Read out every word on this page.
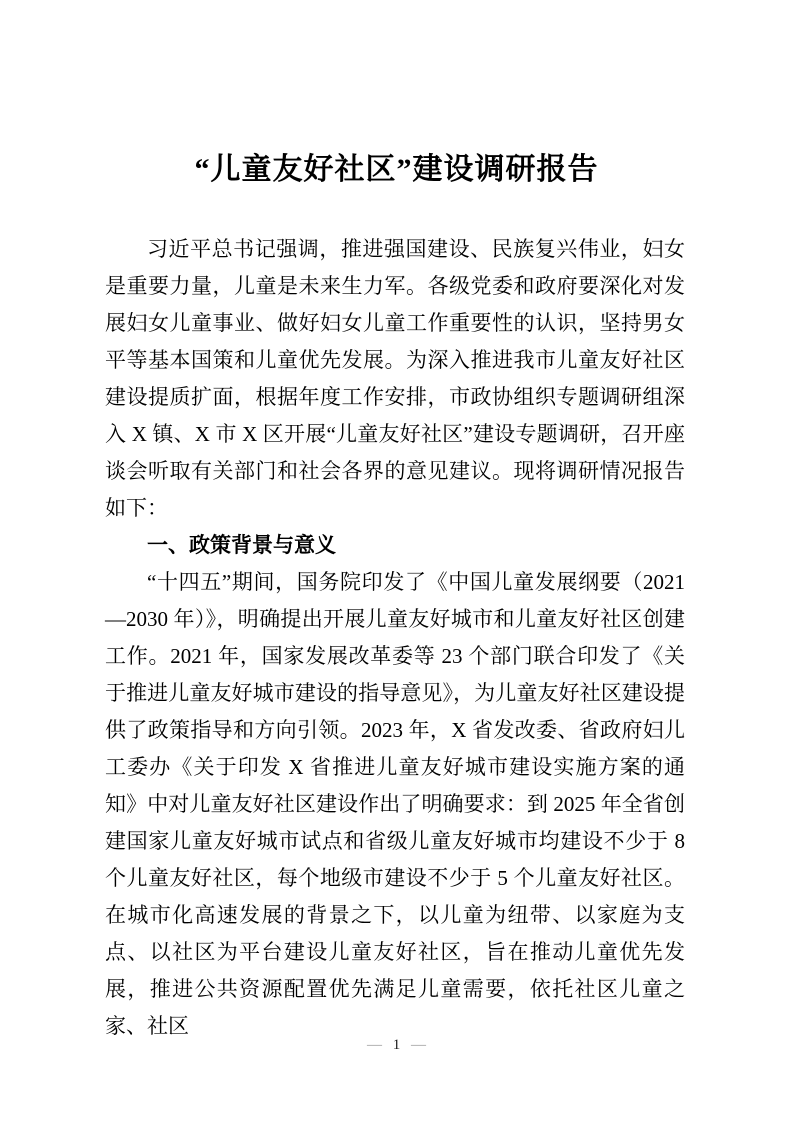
“儿童友好社区”建设调研报告

习近平总书记强调，推进强国建设、民族复兴伟业，妇女是重要力量，儿童是未来生力军。各级党委和政府要深化对发展妇女儿童事业、做好妇女儿童工作重要性的认识，坚持男女平等基本国策和儿童优先发展。为深入推进我市儿童友好社区建设提质扩面，根据年度工作安排，市政协组织专题调研组深入 X 镇、X 市 X 区开展“儿童友好社区”建设专题调研，召开座谈会听取有关部门和社会各界的意见建议。现将调研情况报告如下：

一、政策背景与意义

“十四五”期间，国务院印发了《中国儿童发展纲要（2021—2030 年）》，明确提出开展儿童友好城市和儿童友好社区创建工作。2021 年，国家发展改革委等 23 个部门联合印发了《关于推进儿童友好城市建设的指导意见》，为儿童友好社区建设提供了政策指导和方向引领。2023 年，X 省发改委、省政府妇儿工委办《关于印发 X 省推进儿童友好城市建设实施方案的通知》中对儿童友好社区建设作出了明确要求：到 2025 年全省创建国家儿童友好城市试点和省级儿童友好城市均建设不少于 8 个儿童友好社区，每个地级市建设不少于 5 个儿童友好社区。在城市化高速发展的背景之下，以儿童为纽带、以家庭为支点、以社区为平台建设儿童友好社区，旨在推动儿童优先发展，推进公共资源配置优先满足儿童需要，依托社区儿童之家、社区

— 1 —
